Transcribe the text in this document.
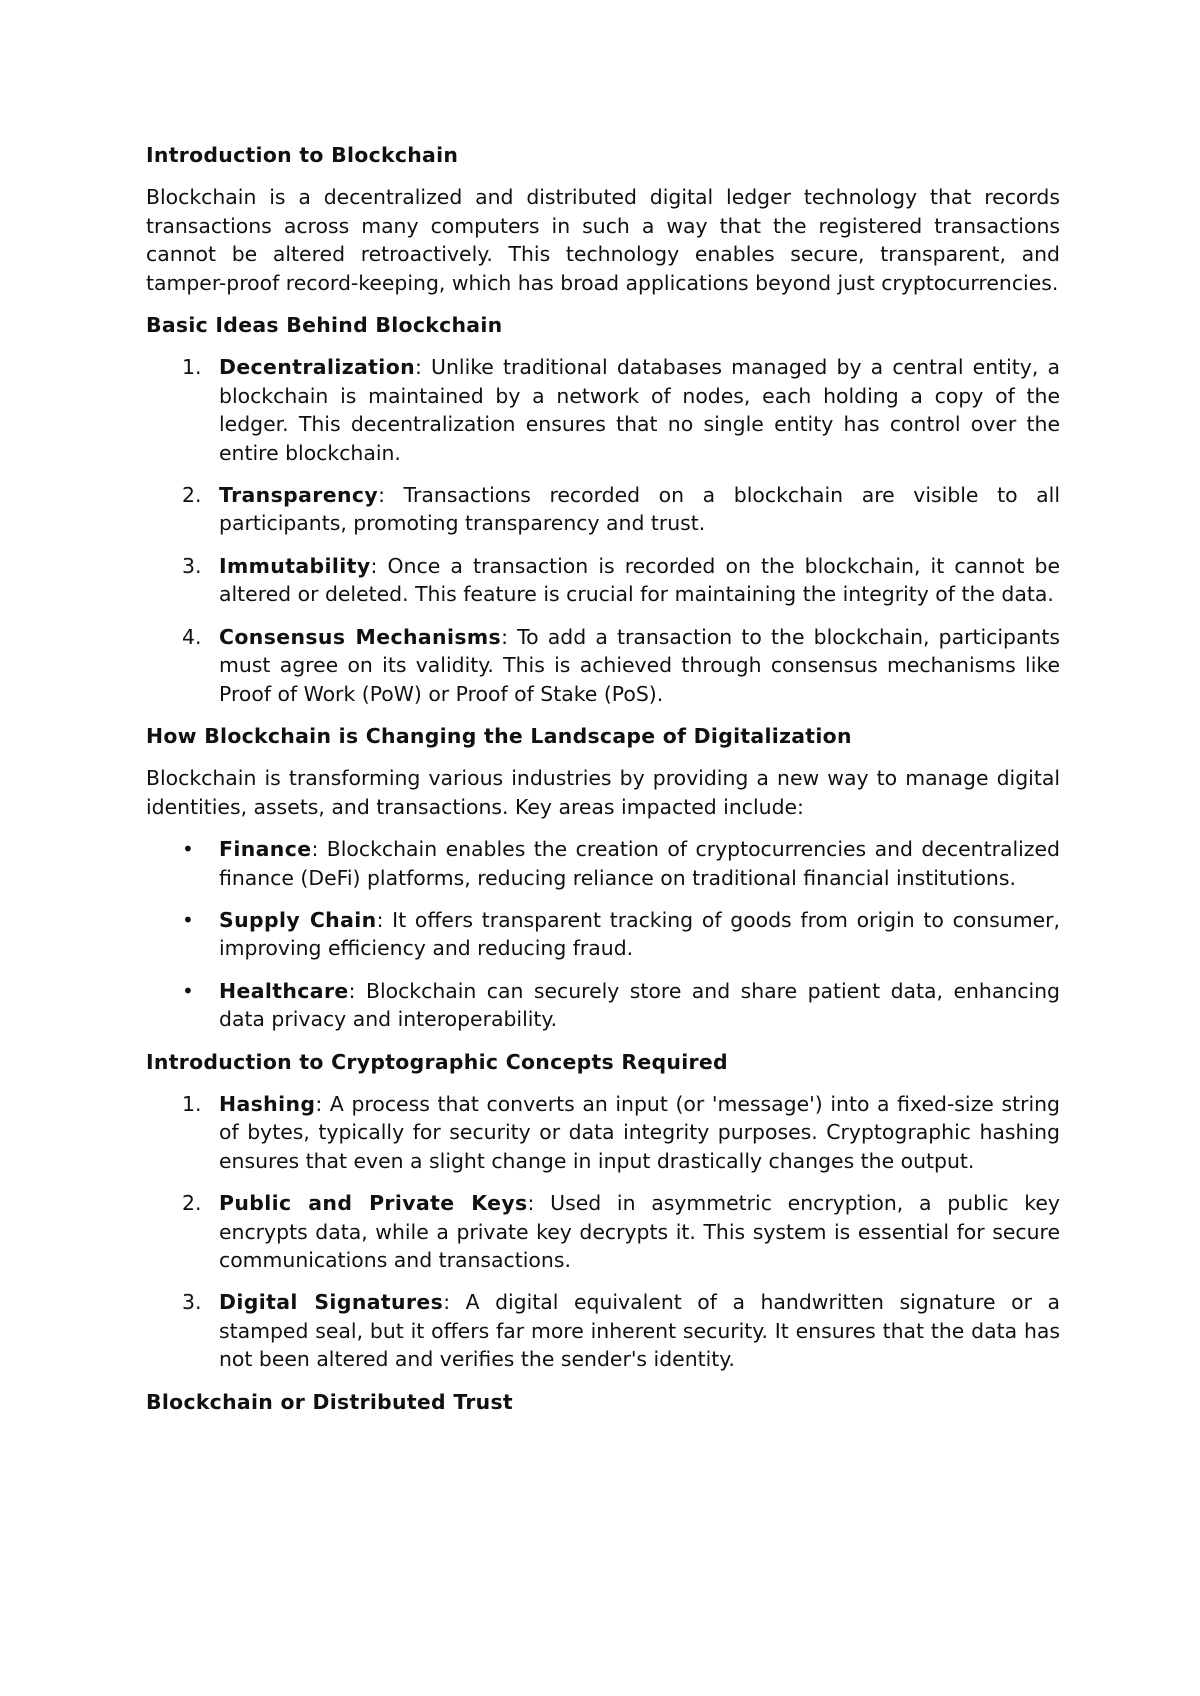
Introduction to Blockchain

Blockchain is a decentralized and distributed digital ledger technology that records transactions across many computers in such a way that the registered transactions cannot be altered retroactively. This technology enables secure, transparent, and tamper-proof record-keeping, which has broad applications beyond just cryptocurrencies.

Basic Ideas Behind Blockchain
1. Decentralization: Unlike traditional databases managed by a central entity, a blockchain is maintained by a network of nodes, each holding a copy of the ledger. This decentralization ensures that no single entity has control over the entire blockchain.
2. Transparency: Transactions recorded on a blockchain are visible to all participants, promoting transparency and trust.
3. Immutability: Once a transaction is recorded on the blockchain, it cannot be altered or deleted. This feature is crucial for maintaining the integrity of the data.
4. Consensus Mechanisms: To add a transaction to the blockchain, participants must agree on its validity. This is achieved through consensus mechanisms like Proof of Work (PoW) or Proof of Stake (PoS).
How Blockchain is Changing the Landscape of Digitalization

Blockchain is transforming various industries by providing a new way to manage digital identities, assets, and transactions. Key areas impacted include:

• Finance: Blockchain enables the creation of cryptocurrencies and decentralized finance (DeFi) platforms, reducing reliance on traditional financial institutions.
• Supply Chain: It offers transparent tracking of goods from origin to consumer, improving efficiency and reducing fraud.
• Healthcare: Blockchain can securely store and share patient data, enhancing data privacy and interoperability.
Introduction to Cryptographic Concepts Required
1. Hashing: A process that converts an input (or 'message') into a fixed-size string of bytes, typically for security or data integrity purposes. Cryptographic hashing ensures that even a slight change in input drastically changes the output.
2. Public and Private Keys: Used in asymmetric encryption, a public key encrypts data, while a private key decrypts it. This system is essential for secure communications and transactions.
3. Digital Signatures: A digital equivalent of a handwritten signature or a stamped seal, but it offers far more inherent security. It ensures that the data has not been altered and verifies the sender's identity.
Blockchain or Distributed Trust
